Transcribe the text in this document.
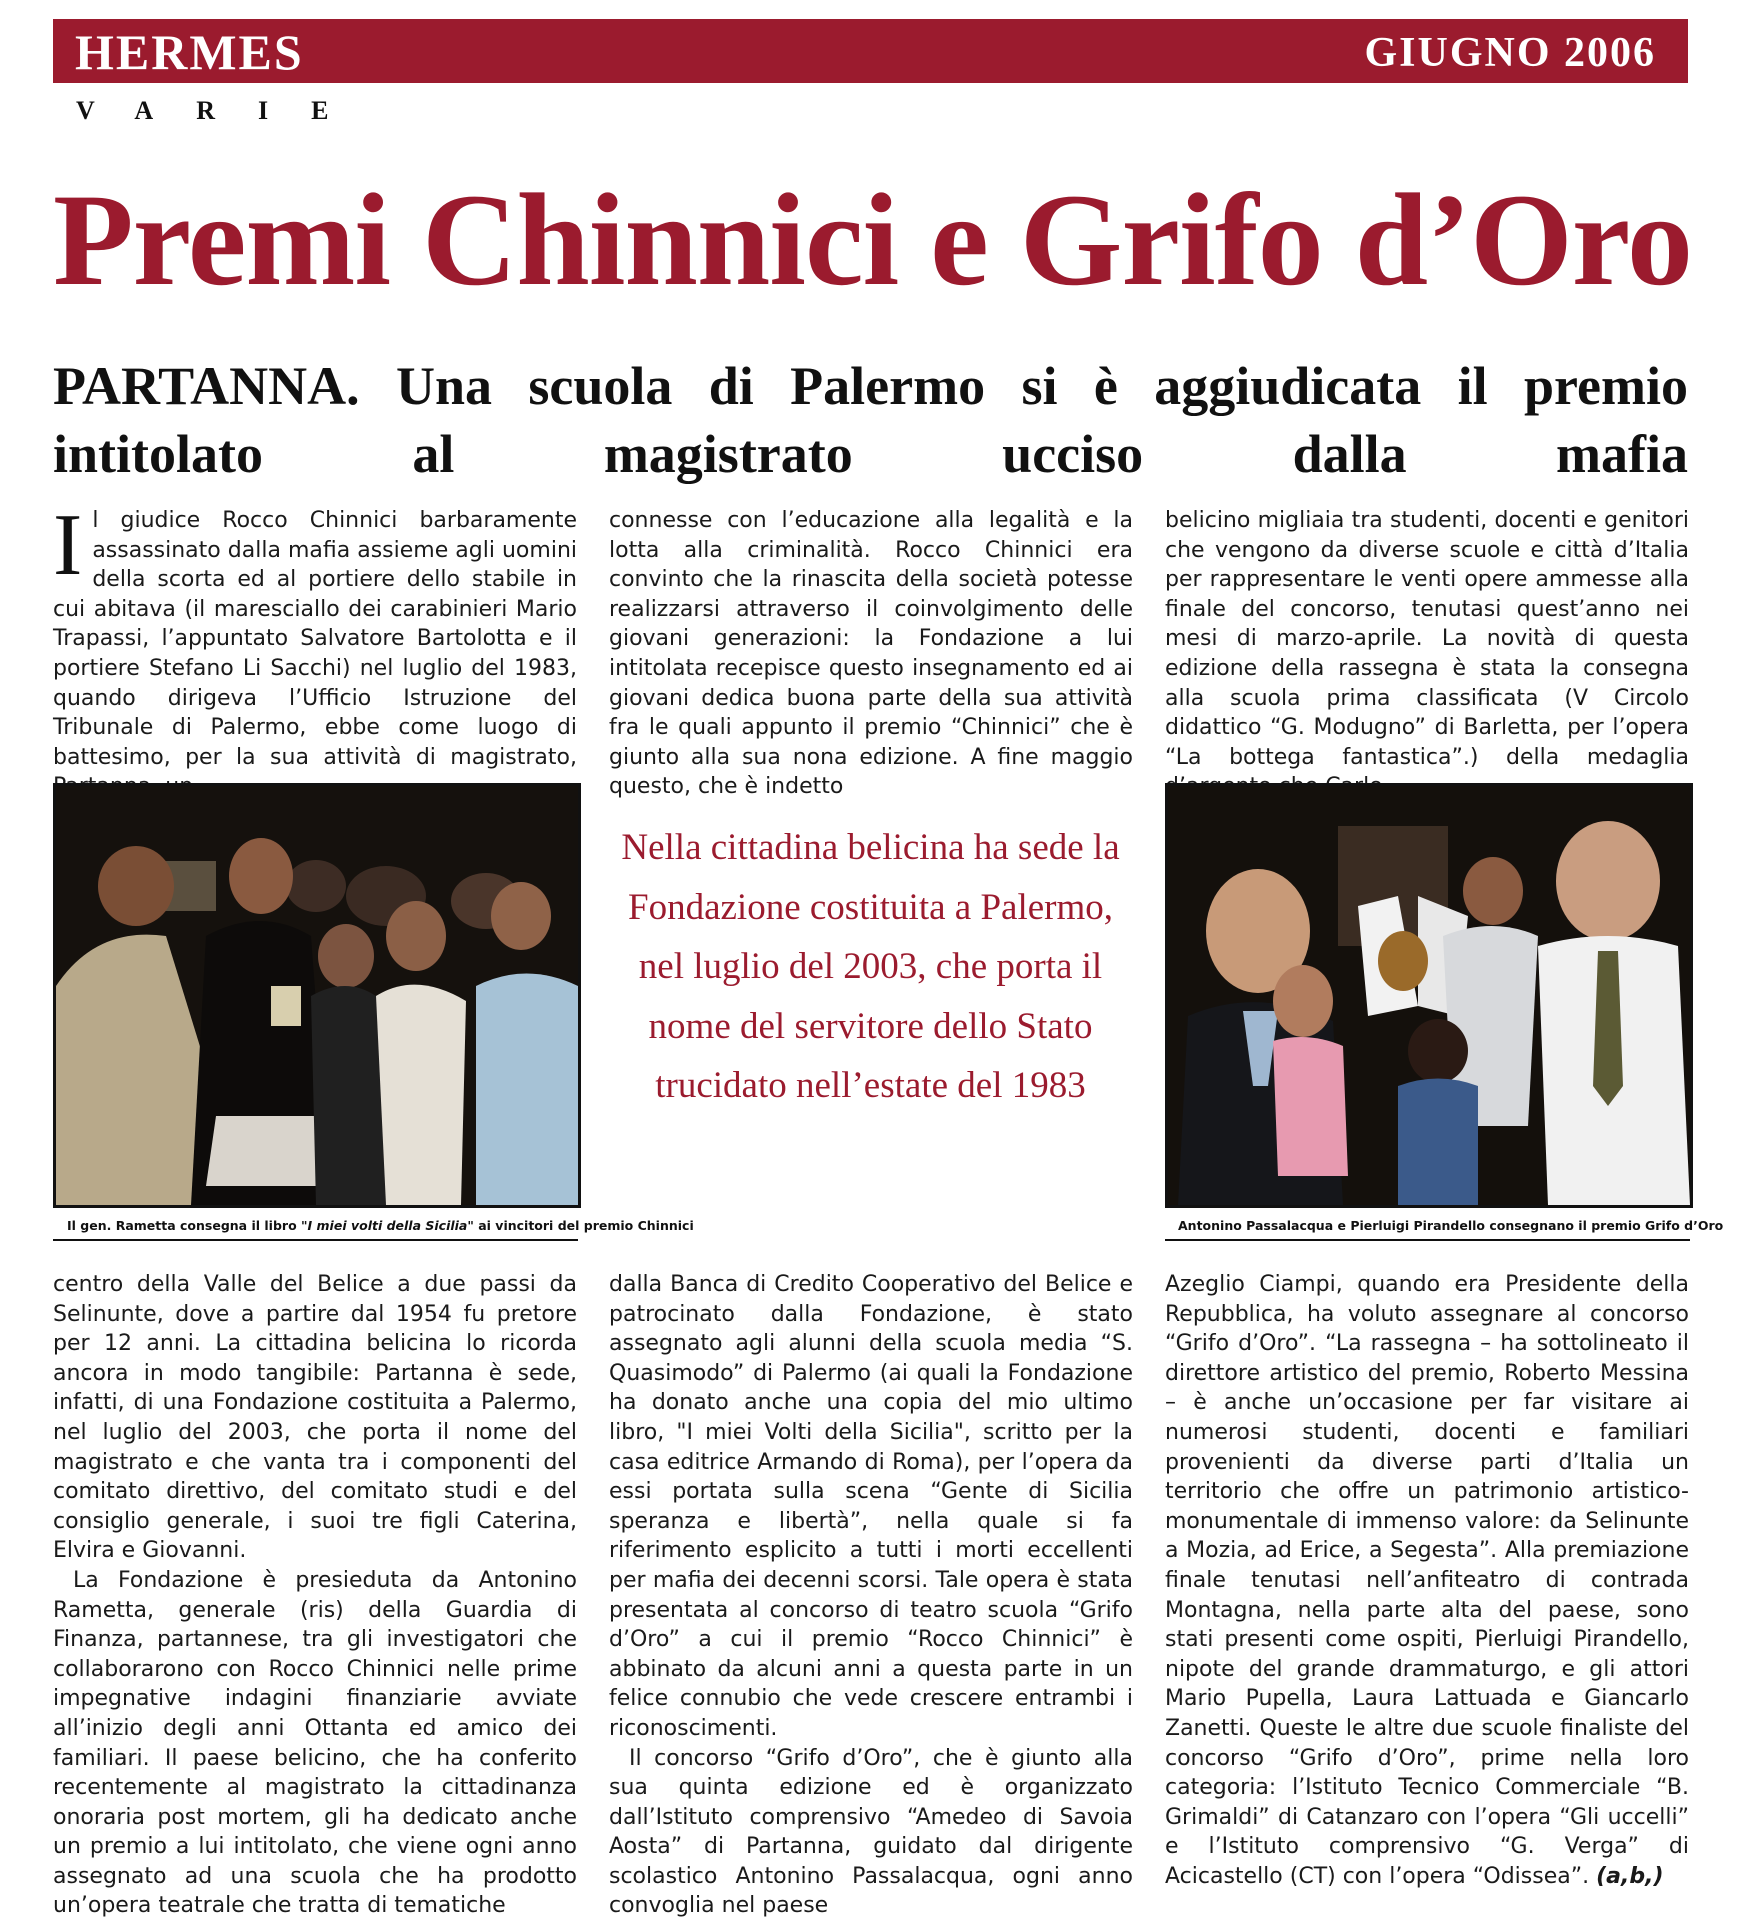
HERMES	GIUGNO 2006
VARIE
Premi Chinnici e Grifo d’Oro
PARTANNA. Una scuola di Palermo si è aggiudicata il premio intitolato al magistrato ucciso dalla mafia
Il giudice Rocco Chinnici barbaramente assassinato dalla mafia assieme agli uomini della scorta ed al portiere dello stabile in cui abitava (il maresciallo dei carabinieri Mario Trapassi, l’appuntato Salvatore Bartolotta e il portiere Stefano Li Sacchi) nel luglio del 1983, quando dirigeva l’Ufficio Istruzione del Tribunale di Palermo, ebbe come luogo di battesimo, per la sua attività di magistrato,

connesse con l’educazione alla legalità e la lotta alla criminalità. Rocco Chinnici era convinto che la rinascita della società potesse realizzarsi attraverso il coinvolgimento delle giovani generazioni: la Fondazione a lui intitolata recepisce questo insegnamento ed ai giovani dedica buona parte della sua attività fra le quali appunto il premio “Chinnici” che è giunto alla sua nona edizione. A fine maggio questo, che è indetto

belicino migliaia tra studenti, docenti e genitori che vengono da diverse scuole e città d’Italia per rappresentare le venti opere ammesse alla finale del concorso, tenutasi quest’anno nei mesi di marzo-aprile. La novità di questa edizione della rassegna è stata la consegna alla scuola prima classificata (V Circolo didattico “G. Modugno” di Barletta, per l’opera “La bottega fantastica”.) della medaglia

Il gen. Rametta consegna il libro "I miei volti della Sicilia" ai vincitori del premio Chinnici
Nella cittadina belicina ha sede la Fondazione costituita a Palermo, nel luglio del 2003, che porta il nome del servitore dello Stato trucidato nell’estate del 1983
Antonino Passalacqua e Pierluigi Pirandello consegnano il premio Grifo d’Oro

centro della Valle del Belice a due passi da Selinunte, dove a partire dal 1954 fu pretore per 12 anni. La cittadina belicina lo ricorda ancora in modo tangibile: Partanna è sede, infatti, di una Fondazione costituita a Palermo, nel luglio del 2003, che porta il nome del magistrato e che vanta tra i componenti del comitato direttivo, del comitato studi e del consiglio generale, i suoi tre figli Caterina, Elvira e Giovanni.

La Fondazione è presieduta da Antonino Rametta, generale (ris) della Guardia di Finanza, partannese, tra gli investigatori che collaborarono con Rocco Chinnici nelle prime impegnative indagini finanziarie avviate all’inizio degli anni Ottanta ed amico dei familiari. Il paese belicino, che ha conferito recentemente al magistrato la cittadinanza onoraria post mortem, gli ha dedicato anche un premio a lui intitolato, che viene ogni anno assegnato ad una scuola che ha prodotto un’opera teatrale che tratta di tematiche

dalla Banca di Credito Cooperativo del Belice e patrocinato dalla Fondazione, è stato assegnato agli alunni della scuola media “S. Quasimodo” di Palermo (ai quali la Fondazione ha donato anche una copia del mio ultimo libro, "I miei Volti della Sicilia", scritto per la casa editrice Armando di Roma), per l’opera da essi portata sulla scena “Gente di Sicilia speranza e libertà”, nella quale si fa riferimento esplicito a tutti i morti eccellenti per mafia dei decenni scorsi. Tale opera è stata presentata al concorso di teatro scuola “Grifo d’Oro” a cui il premio “Rocco Chinnici” è abbinato da alcuni anni a questa parte in un felice connubio che vede crescere entrambi i riconoscimenti.

Il concorso “Grifo d’Oro”, che è giunto alla sua quinta edizione ed è organizzato dall’Istituto comprensivo “Amedeo di Savoia Aosta” di Partanna, guidato dal dirigente scolastico Antonino Passalacqua, ogni anno convoglia nel paese

Azeglio Ciampi, quando era Presidente della Repubblica, ha voluto assegnare al concorso “Grifo d’Oro”. “La rassegna – ha sottolineato il direttore artistico del premio, Roberto Messina – è anche un’occasione per far visitare ai numerosi studenti, docenti e familiari provenienti da diverse parti d’Italia un territorio che offre un patrimonio artistico-monumentale di immenso valore: da Selinunte a Mozia, ad Erice, a Segesta”. Alla premiazione finale tenutasi nell’anfiteatro di contrada Montagna, nella parte alta del paese, sono stati presenti come ospiti, Pierluigi Pirandello, nipote del grande drammaturgo, e gli attori Mario Pupella, Laura Lattuada e Giancarlo Zanetti. Queste le altre due scuole finaliste del concorso “Grifo d’Oro”, prime nella loro categoria: l’Istituto Tecnico Commerciale “B. Grimaldi” di Catanzaro con l’opera “Gli uccelli” e l’Istituto comprensivo “G. Verga” di Acicastello (CT) con l’opera “Odissea”. (a,b,)
